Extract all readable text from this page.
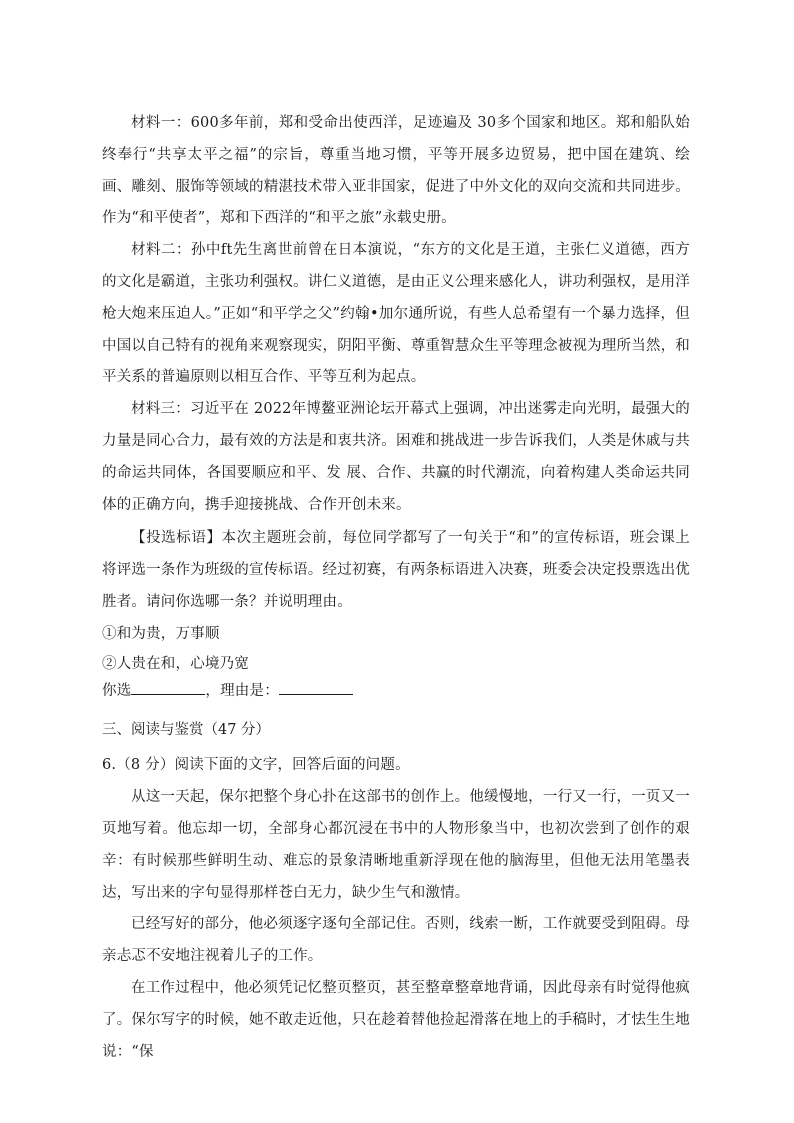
材料一：600多年前，郑和受命出使西洋，足迹遍及 30多个国家和地区。郑和船队始终奉行“共享太平之福”的宗旨，尊重当地习惯，平等开展多边贸易，把中国在建筑、绘画、雕刻、服饰等领域的精湛技术带入亚非国家，促进了中外文化的双向交流和共同进步。作为“和平使者”，郑和下西洋的“和平之旅”永载史册。

材料二：孙中ft先生离世前曾在日本演说，“东方的文化是王道，主张仁义道德，西方的文化是霸道，主张功利强权。讲仁义道德，是由正义公理来感化人，讲功利强权，是用洋枪大炮来压迫人。”正如“和平学之父”约翰•加尔通所说，有些人总希望有一个暴力选择，但中国以自己特有的视角来观察现实，阴阳平衡、尊重智慧众生平等理念被视为理所当然，和平关系的普遍原则以相互合作、平等互利为起点。

材料三：习近平在 2022年博鳌亚洲论坛开幕式上强调，冲出迷雾走向光明，最强大的力量是同心合力，最有效的方法是和衷共济。困难和挑战进一步告诉我们，人类是休戚与共的命运共同体，各国要顺应和平、发 展、合作、共赢的时代潮流，向着构建人类命运共同体的正确方向，携手迎接挑战、合作开创未来。

【投选标语】本次主题班会前，每位同学都写了一句关于“和”的宣传标语，班会课上将评选一条作为班级的宣传标语。经过初赛，有两条标语进入决赛，班委会决定投票选出优胜者。请问你选哪一条？并说明理由。

①和为贵，万事顺

②人贵在和，心境乃宽

你选	，理由是：

三、阅读与鉴赏（47 分）

6.（8 分）阅读下面的文字，回答后面的问题。

从这一天起，保尔把整个身心扑在这部书的创作上。他缓慢地，一行又一行，一页又一页地写着。他忘却一切，全部身心都沉浸在书中的人物形象当中，也初次尝到了创作的艰辛：有时候那些鲜明生动、难忘的景象清晰地重新浮现在他的脑海里，但他无法用笔墨表达，写出来的字句显得那样苍白无力，缺少生气和激情。

已经写好的部分，他必须逐字逐句全部记住。否则，线索一断，工作就要受到阻碍。母亲忐忑不安地注视着儿子的工作。

在工作过程中，他必须凭记忆整页整页，甚至整章整章地背诵，因此母亲有时觉得他疯了。保尔写字的时候，她不敢走近他，只在趁着替他捡起滑落在地上的手稿时，才怯生生地说：“保
